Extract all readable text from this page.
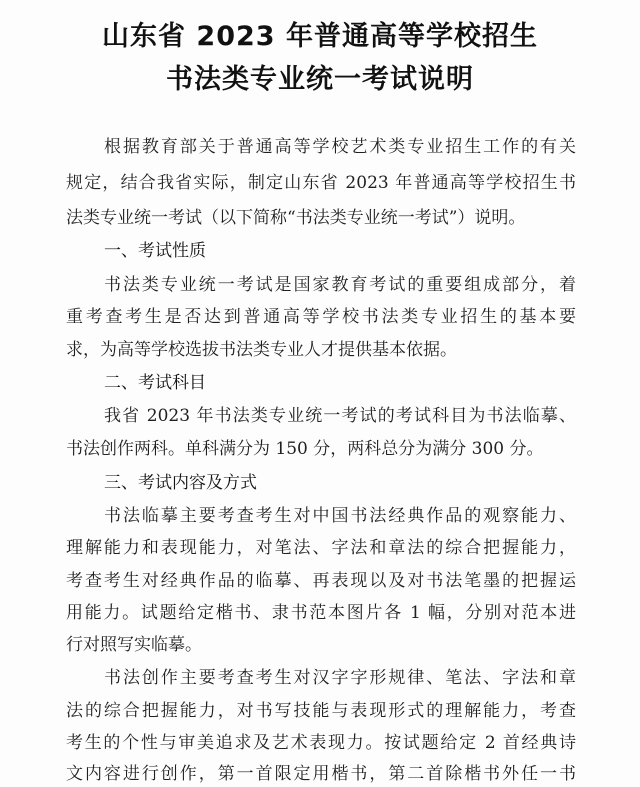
山东省 2023 年普通高等学校招生
书法类专业统一考试说明
根据教育部关于普通高等学校艺术类专业招生工作的有关
规定，结合我省实际，制定山东省 2023 年普通高等学校招生书
法类专业统一考试（以下简称“书法类专业统一考试”）说明。
一、考试性质
书法类专业统一考试是国家教育考试的重要组成部分，着
重考查考生是否达到普通高等学校书法类专业招生的基本要
求，为高等学校选拔书法类专业人才提供基本依据。
二、考试科目
我省 2023 年书法类专业统一考试的考试科目为书法临摹、
书法创作两科。单科满分为 150 分，两科总分为满分 300 分。
三、考试内容及方式
书法临摹主要考查考生对中国书法经典作品的观察能力、
理解能力和表现能力，对笔法、字法和章法的综合把握能力，
考查考生对经典作品的临摹、再表现以及对书法笔墨的把握运
用能力。试题给定楷书、隶书范本图片各 1 幅，分别对范本进
行对照写实临摹。
书法创作主要考查考生对汉字字形规律、笔法、字法和章
法的综合把握能力，对书写技能与表现形式的理解能力，考查
考生的个性与审美追求及艺术表现力。按试题给定 2 首经典诗
文内容进行创作，第一首限定用楷书，第二首除楷书外任一书
